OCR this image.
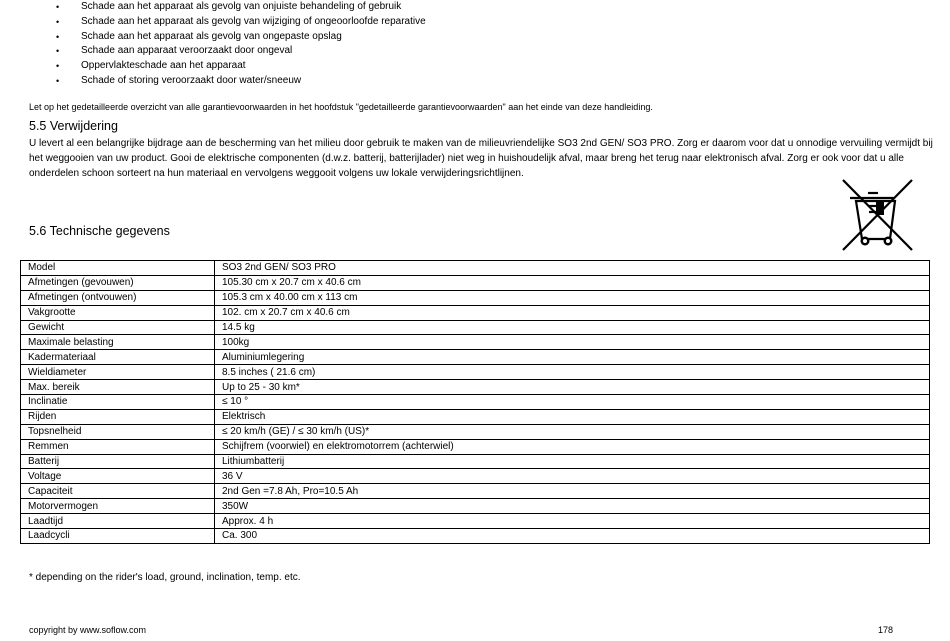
• Schade aan het apparaat als gevolg van onjuiste behandeling of gebruik
• Schade aan het apparaat als gevolg van wijziging of ongeoorloofde reparative
• Schade aan het apparaat als gevolg van ongepaste opslag
• Schade aan apparaat veroorzaakt door ongeval
• Oppervlakteschade aan het apparaat
• Schade of storing veroorzaakt door water/sneeuw
Let op het gedetailleerde overzicht van alle garantievoorwaarden in het hoofdstuk "gedetailleerde garantievoorwaarden" aan het einde van deze handleiding.
5.5 Verwijdering

U levert al een belangrijke bijdrage aan de bescherming van het milieu door gebruik te maken van de milieuvriendelijke SO3 2nd GEN/ SO3 PRO. Zorg er daarom voor dat u onnodige vervuiling vermijdt bij het weggooien van uw product. Gooi de elektrische componenten (d.w.z. batterij, batterijlader) niet weg in huishoudelijk afval, maar breng het terug naar elektronisch afval. Zorg er ook voor dat u alle onderdelen schoon sorteert na hun materiaal en vervolgens weggooit volgens uw lokale verwijderingsrichtlijnen.

5.6 Technische gegevens
Model	SO3 2nd GEN/ SO3 PRO
Afmetingen (gevouwen)	105.30 cm x 20.7 cm x 40.6 cm
Afmetingen (ontvouwen)	105.3 cm x 40.00 cm x 113 cm
Vakgrootte	102. cm x 20.7 cm x 40.6 cm
Gewicht	14.5 kg
Maximale belasting	100kg
Kadermateriaal	Aluminiumlegering
Wieldiameter	8.5 inches ( 21.6 cm)
Max. bereik	Up to 25 - 30 km*
Inclinatie	≤ 10 °
Rijden	Elektrisch
Topsnelheid	≤ 20 km/h (GE) / ≤ 30 km/h (US)*
Remmen	Schijfrem (voorwiel) en elektromotorrem (achterwiel)
Batterij	Lithiumbatterij
Voltage	36 V
Capaciteit	2nd Gen =7.8 Ah, Pro=10.5 Ah
Motorvermogen	350W
Laadtijd	Approx. 4 h
Laadcycli	Ca. 300
* depending on the rider's load, ground, inclination, temp. etc.
copyright by www.soflow.com	178
